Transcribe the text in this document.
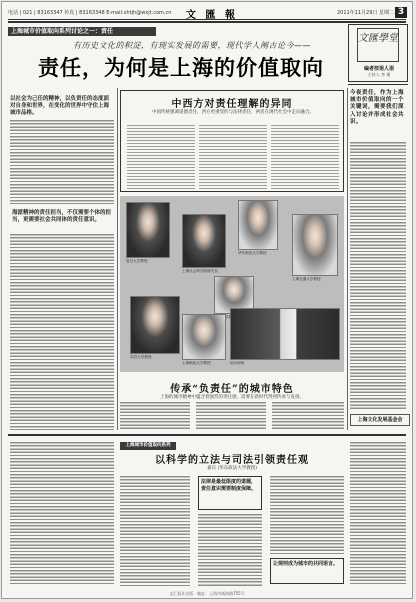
电话 | 021 | 83163347 传真 | 83163348 E-mail:xhtjh@wxjt.com.cn 文 匯 報	2011年11月29日 星期二 3
上海城市价值取向系列讨论之一：责任
有历史文化的积淀，有现实发展的需要，现代学人阐古论今——
责任，为何是上海的价值取向
文匯學堂
编者按语人语
主持人 李 瑾
今夜责任，作为上海城市价值取向的一个关键词，需要我们深入讨论并形成社会共识。
以社会为己任的精神，以负责任的态度面对自身和世界，在变化的世界中守住上海城市品格。
海派精神的责任担当，不仅需要个体的担当，更需要社会共同体的责任意识。
中西方对责任理解的异同
中国传统强调道德责任，西方更重契约与法律责任，两者在现代社会中走向融合。
复旦大学教授
上海社会科学院研究员
华东师范大学教授
上海交通大学教授
同济大学教授
上海师范大学教授	论坛现场
传承“负责任”的城市特色
上海的城市精神中蕴含着强烈的责任感，需要在新时代得到传承与发扬。
上海文化发展基金会
上海城市价值取向系列
以科学的立法与司法引领责任观
嘉宾 (华东政法大学教授)
法律是最低限度的道德，责任意识需要制度保障。
让规则成为城市的共同语言。
文汇报社出版 · 地址：上海市威海路755号
